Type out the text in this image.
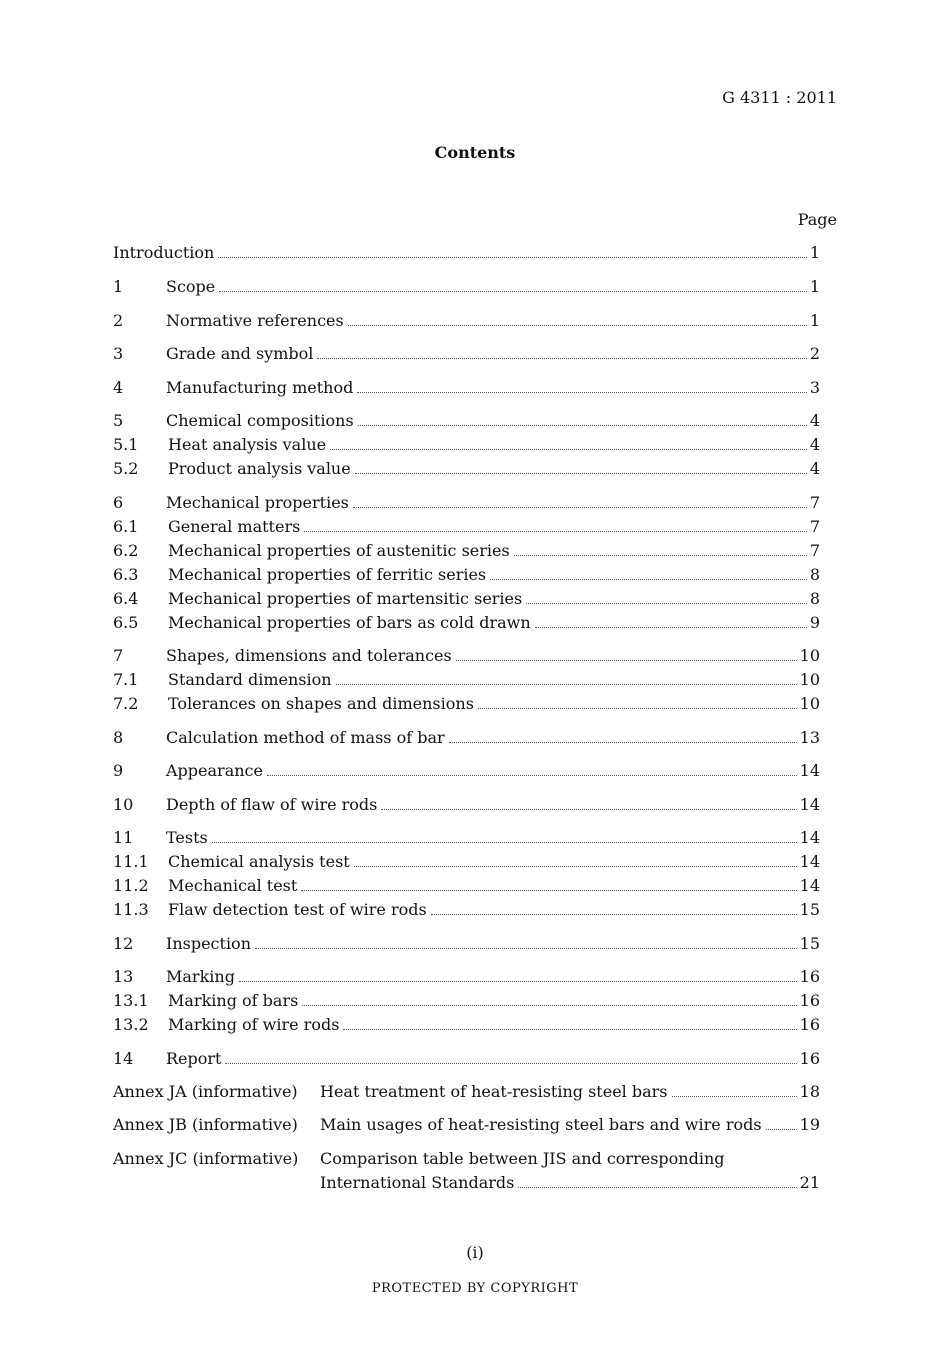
G 4311 : 2011
Contents
Page
Introduction	1
1	Scope	1
2	Normative references	1
3	Grade and symbol	2
4	Manufacturing method	3
5	Chemical compositions	4
5.1	Heat analysis value	4
5.2	Product analysis value	4
6	Mechanical properties	7
6.1	General matters	7
6.2	Mechanical properties of austenitic series	7
6.3	Mechanical properties of ferritic series	8
6.4	Mechanical properties of martensitic series	8
6.5	Mechanical properties of bars as cold drawn	9
7	Shapes, dimensions and tolerances	10
7.1	Standard dimension	10
7.2	Tolerances on shapes and dimensions	10
8	Calculation method of mass of bar	13
9	Appearance	14
10	Depth of flaw of wire rods	14
11	Tests	14
11.1	Chemical analysis test	14
11.2	Mechanical test	14
11.3	Flaw detection test of wire rods	15
12	Inspection	15
13	Marking	16
13.1	Marking of bars	16
13.2	Marking of wire rods	16
14	Report	16
Annex JA (informative)	Heat treatment of heat-resisting steel bars	18
Annex JB (informative)	Main usages of heat-resisting steel bars and wire rods 19
Annex JC (informative) Comparison table between JIS and corresponding
International Standards	21
(i)
PROTECTED BY COPYRIGHT
